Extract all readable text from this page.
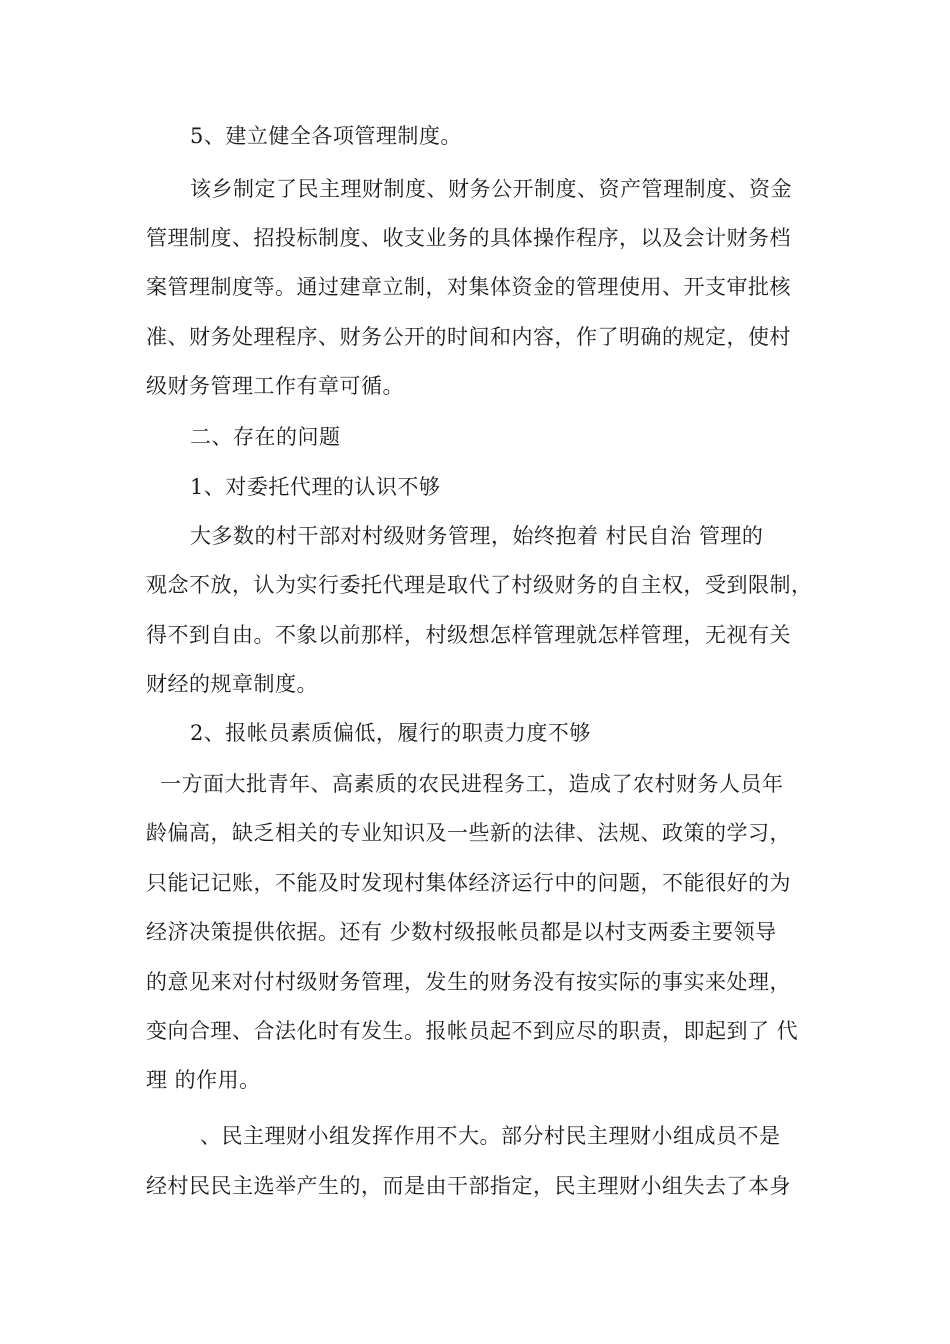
5、建立健全各项管理制度。

该乡制定了民主理财制度、财务公开制度、资产管理制度、资金

管理制度、招投标制度、收支业务的具体操作程序，以及会计财务档

案管理制度等。通过建章立制，对集体资金的管理使用、开支审批核

准、财务处理程序、财务公开的时间和内容，作了明确的规定，使村

级财务管理工作有章可循。

二、存在的问题

1、对委托代理的认识不够

大多数的村干部对村级财务管理，始终抱着 村民自治 管理的

观念不放，认为实行委托代理是取代了村级财务的自主权，受到限制，

得不到自由。不象以前那样，村级想怎样管理就怎样管理，无视有关

财经的规章制度。

2、报帐员素质偏低，履行的职责力度不够

一方面大批青年、高素质的农民进程务工，造成了农村财务人员年

龄偏高，缺乏相关的专业知识及一些新的法律、法规、政策的学习，

只能记记账，不能及时发现村集体经济运行中的问题，不能很好的为

经济决策提供依据。还有 少数村级报帐员都是以村支两委主要领导

的意见来对付村级财务管理，发生的财务没有按实际的事实来处理，

变向合理、合法化时有发生。报帐员起不到应尽的职责，即起到了 代

理 的作用。

、民主理财小组发挥作用不大。部分村民主理财小组成员不是

经村民民主选举产生的，而是由干部指定，民主理财小组失去了本身
